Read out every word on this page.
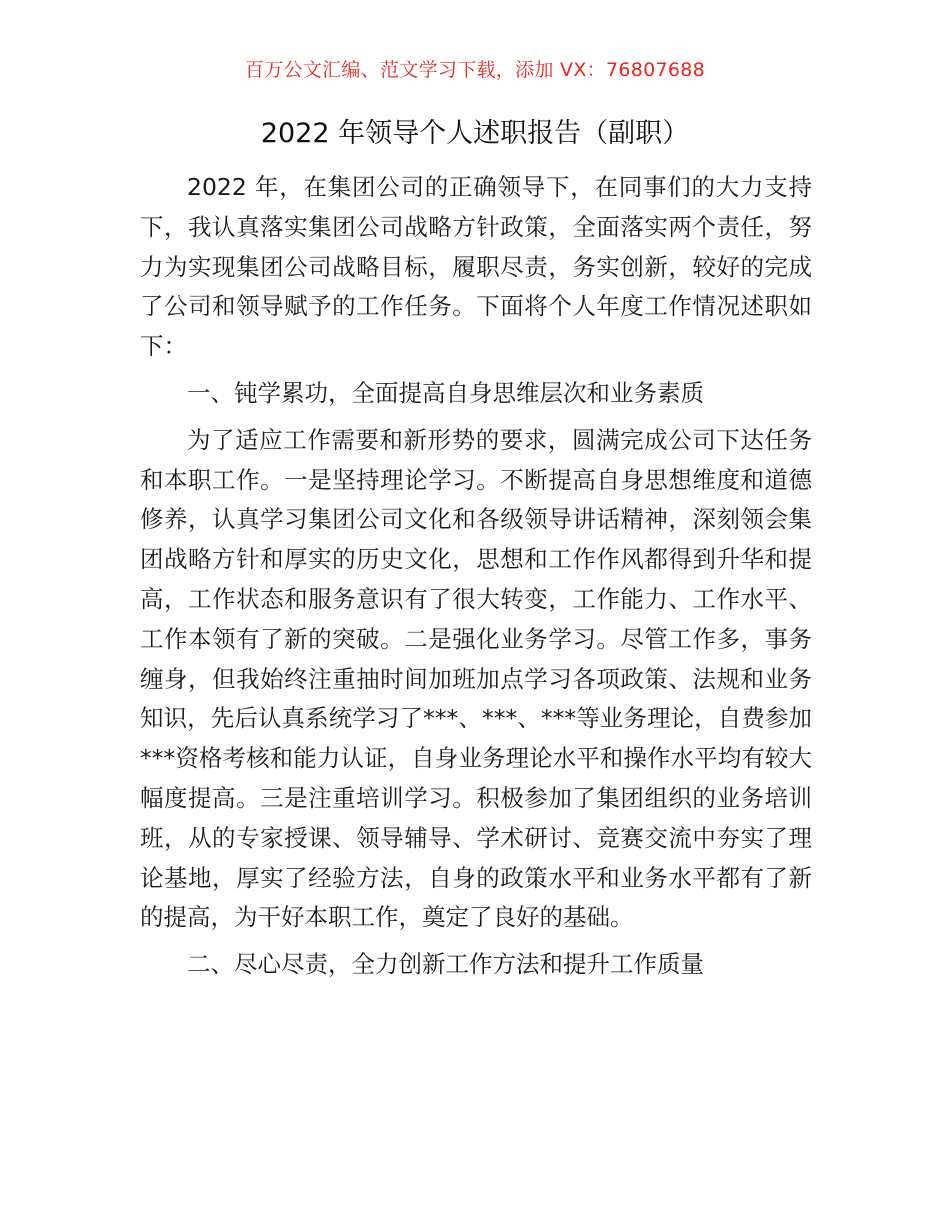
百万公文汇编、范文学习下载，添加 VX：76807688
2022 年领导个人述职报告（副职）

2022 年，在集团公司的正确领导下，在同事们的大力支持下，我认真落实集团公司战略方针政策，全面落实两个责任，努力为实现集团公司战略目标，履职尽责，务实创新，较好的完成了公司和领导赋予的工作任务。下面将个人年度工作情况述职如下：

一、钝学累功，全面提高自身思维层次和业务素质

为了适应工作需要和新形势的要求，圆满完成公司下达任务和本职工作。一是坚持理论学习。不断提高自身思想维度和道德修养，认真学习集团公司文化和各级领导讲话精神，深刻领会集团战略方针和厚实的历史文化，思想和工作作风都得到升华和提高，工作状态和服务意识有了很大转变，工作能力、工作水平、工作本领有了新的突破。二是强化业务学习。尽管工作多，事务缠身，但我始终注重抽时间加班加点学习各项政策、法规和业务知识，先后认真系统学习了***、***、***等业务理论，自费参加***资格考核和能力认证，自身业务理论水平和操作水平均有较大幅度提高。三是注重培训学习。积极参加了集团组织的业务培训班，从的专家授课、领导辅导、学术研讨、竞赛交流中夯实了理论基地，厚实了经验方法，自身的政策水平和业务水平都有了新的提高，为干好本职工作，奠定了良好的基础。

二、尽心尽责，全力创新工作方法和提升工作质量
